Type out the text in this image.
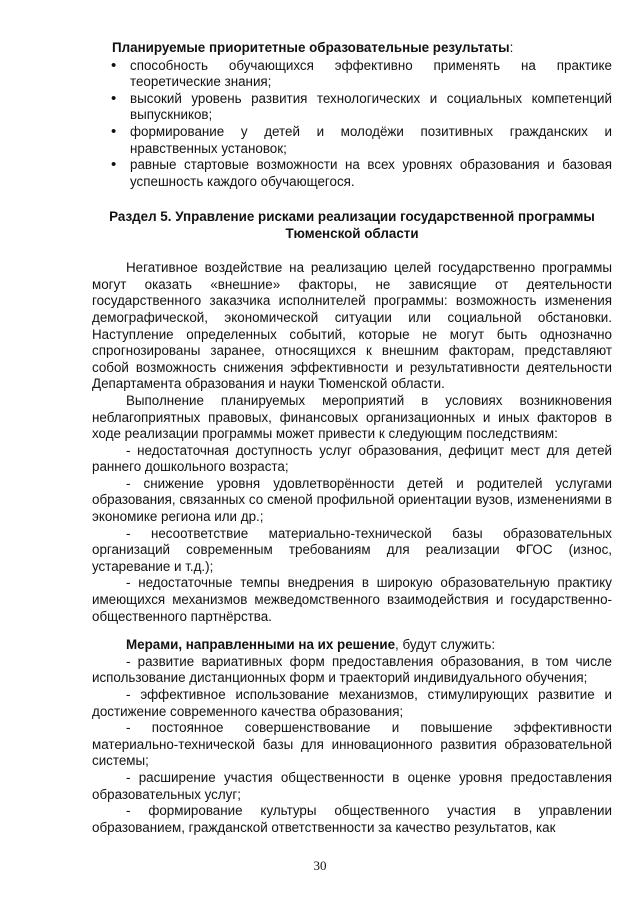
Планируемые приоритетные образовательные результаты:
• способность обучающихся эффективно применять на практике теоретические знания;
• высокий уровень развития технологических и социальных компетенций выпускников;
• формирование у детей и молодёжи позитивных гражданских и нравственных установок;
• равные стартовые возможности на всех уровнях образования и базовая успешность каждого обучающегося.
Раздел 5. Управление рисками реализации государственной программы
Тюменской области

Негативное воздействие на реализацию целей государственно программы могут оказать «внешние» факторы, не зависящие от деятельности государственного заказчика исполнителей программы: возможность изменения демографической, экономической ситуации или социальной обстановки. Наступление определенных событий, которые не могут быть однозначно спрогнозированы заранее, относящихся к внешним факторам, представляют собой возможность снижения эффективности и результативности деятельности Департамента образования и науки Тюменской области.

Выполнение планируемых мероприятий в условиях возникновения неблагоприятных правовых, финансовых организационных и иных факторов в ходе реализации программы может привести к следующим последствиям:

- недостаточная доступность услуг образования, дефицит мест для детей раннего дошкольного возраста;

- снижение уровня удовлетворённости детей и родителей услугами образования, связанных со сменой профильной ориентации вузов, изменениями в экономике региона или др.;

- несоответствие материально-технической базы образовательных организаций современным требованиям для реализации ФГОС (износ, устаревание и т.д.);

- недостаточные темпы внедрения в широкую образовательную практику имеющихся механизмов межведомственного взаимодействия и государственно-общественного партнёрства.

Мерами, направленными на их решение, будут служить:

- развитие вариативных форм предоставления образования, в том числе использование дистанционных форм и траекторий индивидуального обучения;

- эффективное использование механизмов, стимулирующих развитие и достижение современного качества образования;

- постоянное совершенствование и повышение эффективности материально-технической базы для инновационного развития образовательной системы;

- расширение участия общественности в оценке уровня предоставления образовательных услуг;

- формирование культуры общественного участия в управлении образованием, гражданской ответственности за качество результатов, как

30
